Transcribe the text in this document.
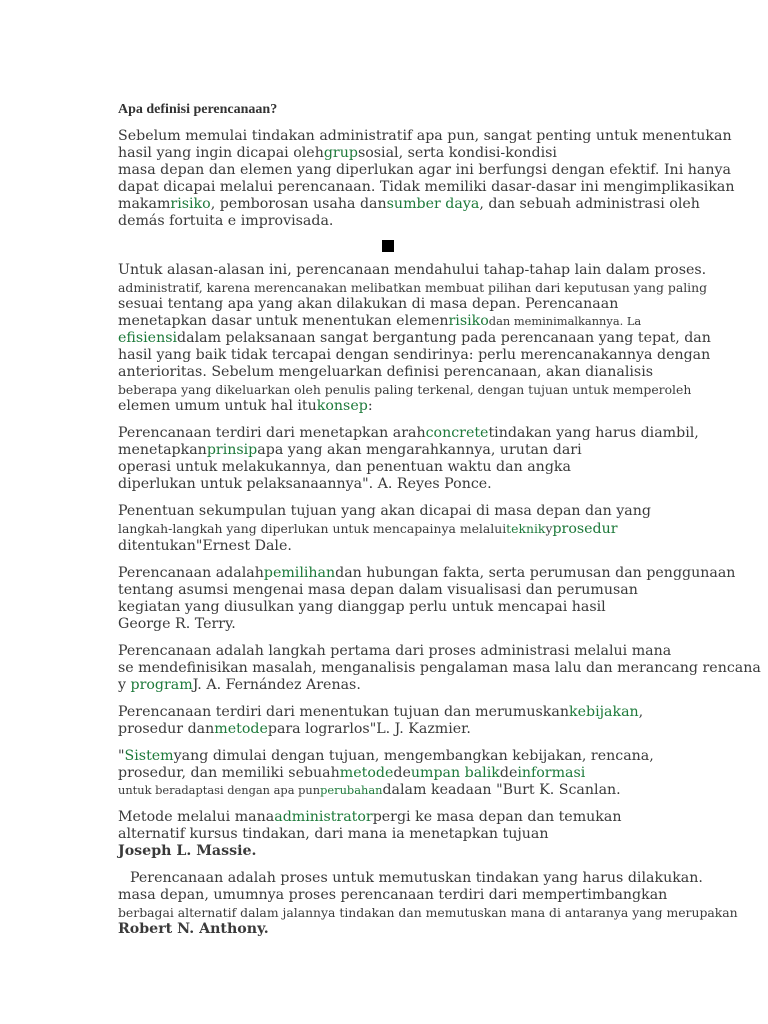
Apa definisi perencanaan?
Sebelum memulai tindakan administratif apa pun, sangat penting untuk menentukan
hasil yang ingin dicapai olehgrupsosial, serta kondisi-kondisi
masa depan dan elemen yang diperlukan agar ini berfungsi dengan efektif. Ini hanya
dapat dicapai melalui perencanaan. Tidak memiliki dasar-dasar ini mengimplikasikan
makamrisiko, pemborosan usaha dansumber daya, dan sebuah administrasi oleh
demás fortuita e improvisada.
Untuk alasan-alasan ini, perencanaan mendahului tahap-tahap lain dalam proses.
administratif, karena merencanakan melibatkan membuat pilihan dari keputusan yang paling
sesuai tentang apa yang akan dilakukan di masa depan. Perencanaan
menetapkan dasar untuk menentukan elemenrisikodan meminimalkannya. La
efisiensidalam pelaksanaan sangat bergantung pada perencanaan yang tepat, dan
hasil yang baik tidak tercapai dengan sendirinya: perlu merencanakannya dengan
anterioritas. Sebelum mengeluarkan definisi perencanaan, akan dianalisis
beberapa yang dikeluarkan oleh penulis paling terkenal, dengan tujuan untuk memperoleh
elemen umum untuk hal itukonsep:
Perencanaan terdiri dari menetapkan arahconcretetindakan yang harus diambil,
menetapkanprinsipapa yang akan mengarahkannya, urutan dari
operasi untuk melakukannya, dan penentuan waktu dan angka
diperlukan untuk pelaksanaannya". A. Reyes Ponce.
Penentuan sekumpulan tujuan yang akan dicapai di masa depan dan yang
langkah-langkah yang diperlukan untuk mencapainya melaluiteknikyprosedur
ditentukan"Ernest Dale.
Perencanaan adalahpemilihandan hubungan fakta, serta perumusan dan penggunaan
tentang asumsi mengenai masa depan dalam visualisasi dan perumusan
kegiatan yang diusulkan yang dianggap perlu untuk mencapai hasil
George R. Terry.
Perencanaan adalah langkah pertama dari proses administrasi melalui mana
se mendefinisikan masalah, menganalisis pengalaman masa lalu dan merancang rencana
y programJ. A. Fernández Arenas.
Perencanaan terdiri dari menentukan tujuan dan merumuskankebijakan,
prosedur danmetodepara lograrlos"L. J. Kazmier.
"Sistemyang dimulai dengan tujuan, mengembangkan kebijakan, rencana,
prosedur, dan memiliki sebuahmetodedeumpan balikdeinformasi
untuk beradaptasi dengan apa punperubahandalam keadaan "Burt K. Scanlan.
Metode melalui manaadministratorpergi ke masa depan dan temukan
alternatif kursus tindakan, dari mana ia menetapkan tujuan
Joseph L. Massie.
Perencanaan adalah proses untuk memutuskan tindakan yang harus dilakukan.
masa depan, umumnya proses perencanaan terdiri dari mempertimbangkan
berbagai alternatif dalam jalannya tindakan dan memutuskan mana di antaranya yang merupakan
Robert N. Anthony.
